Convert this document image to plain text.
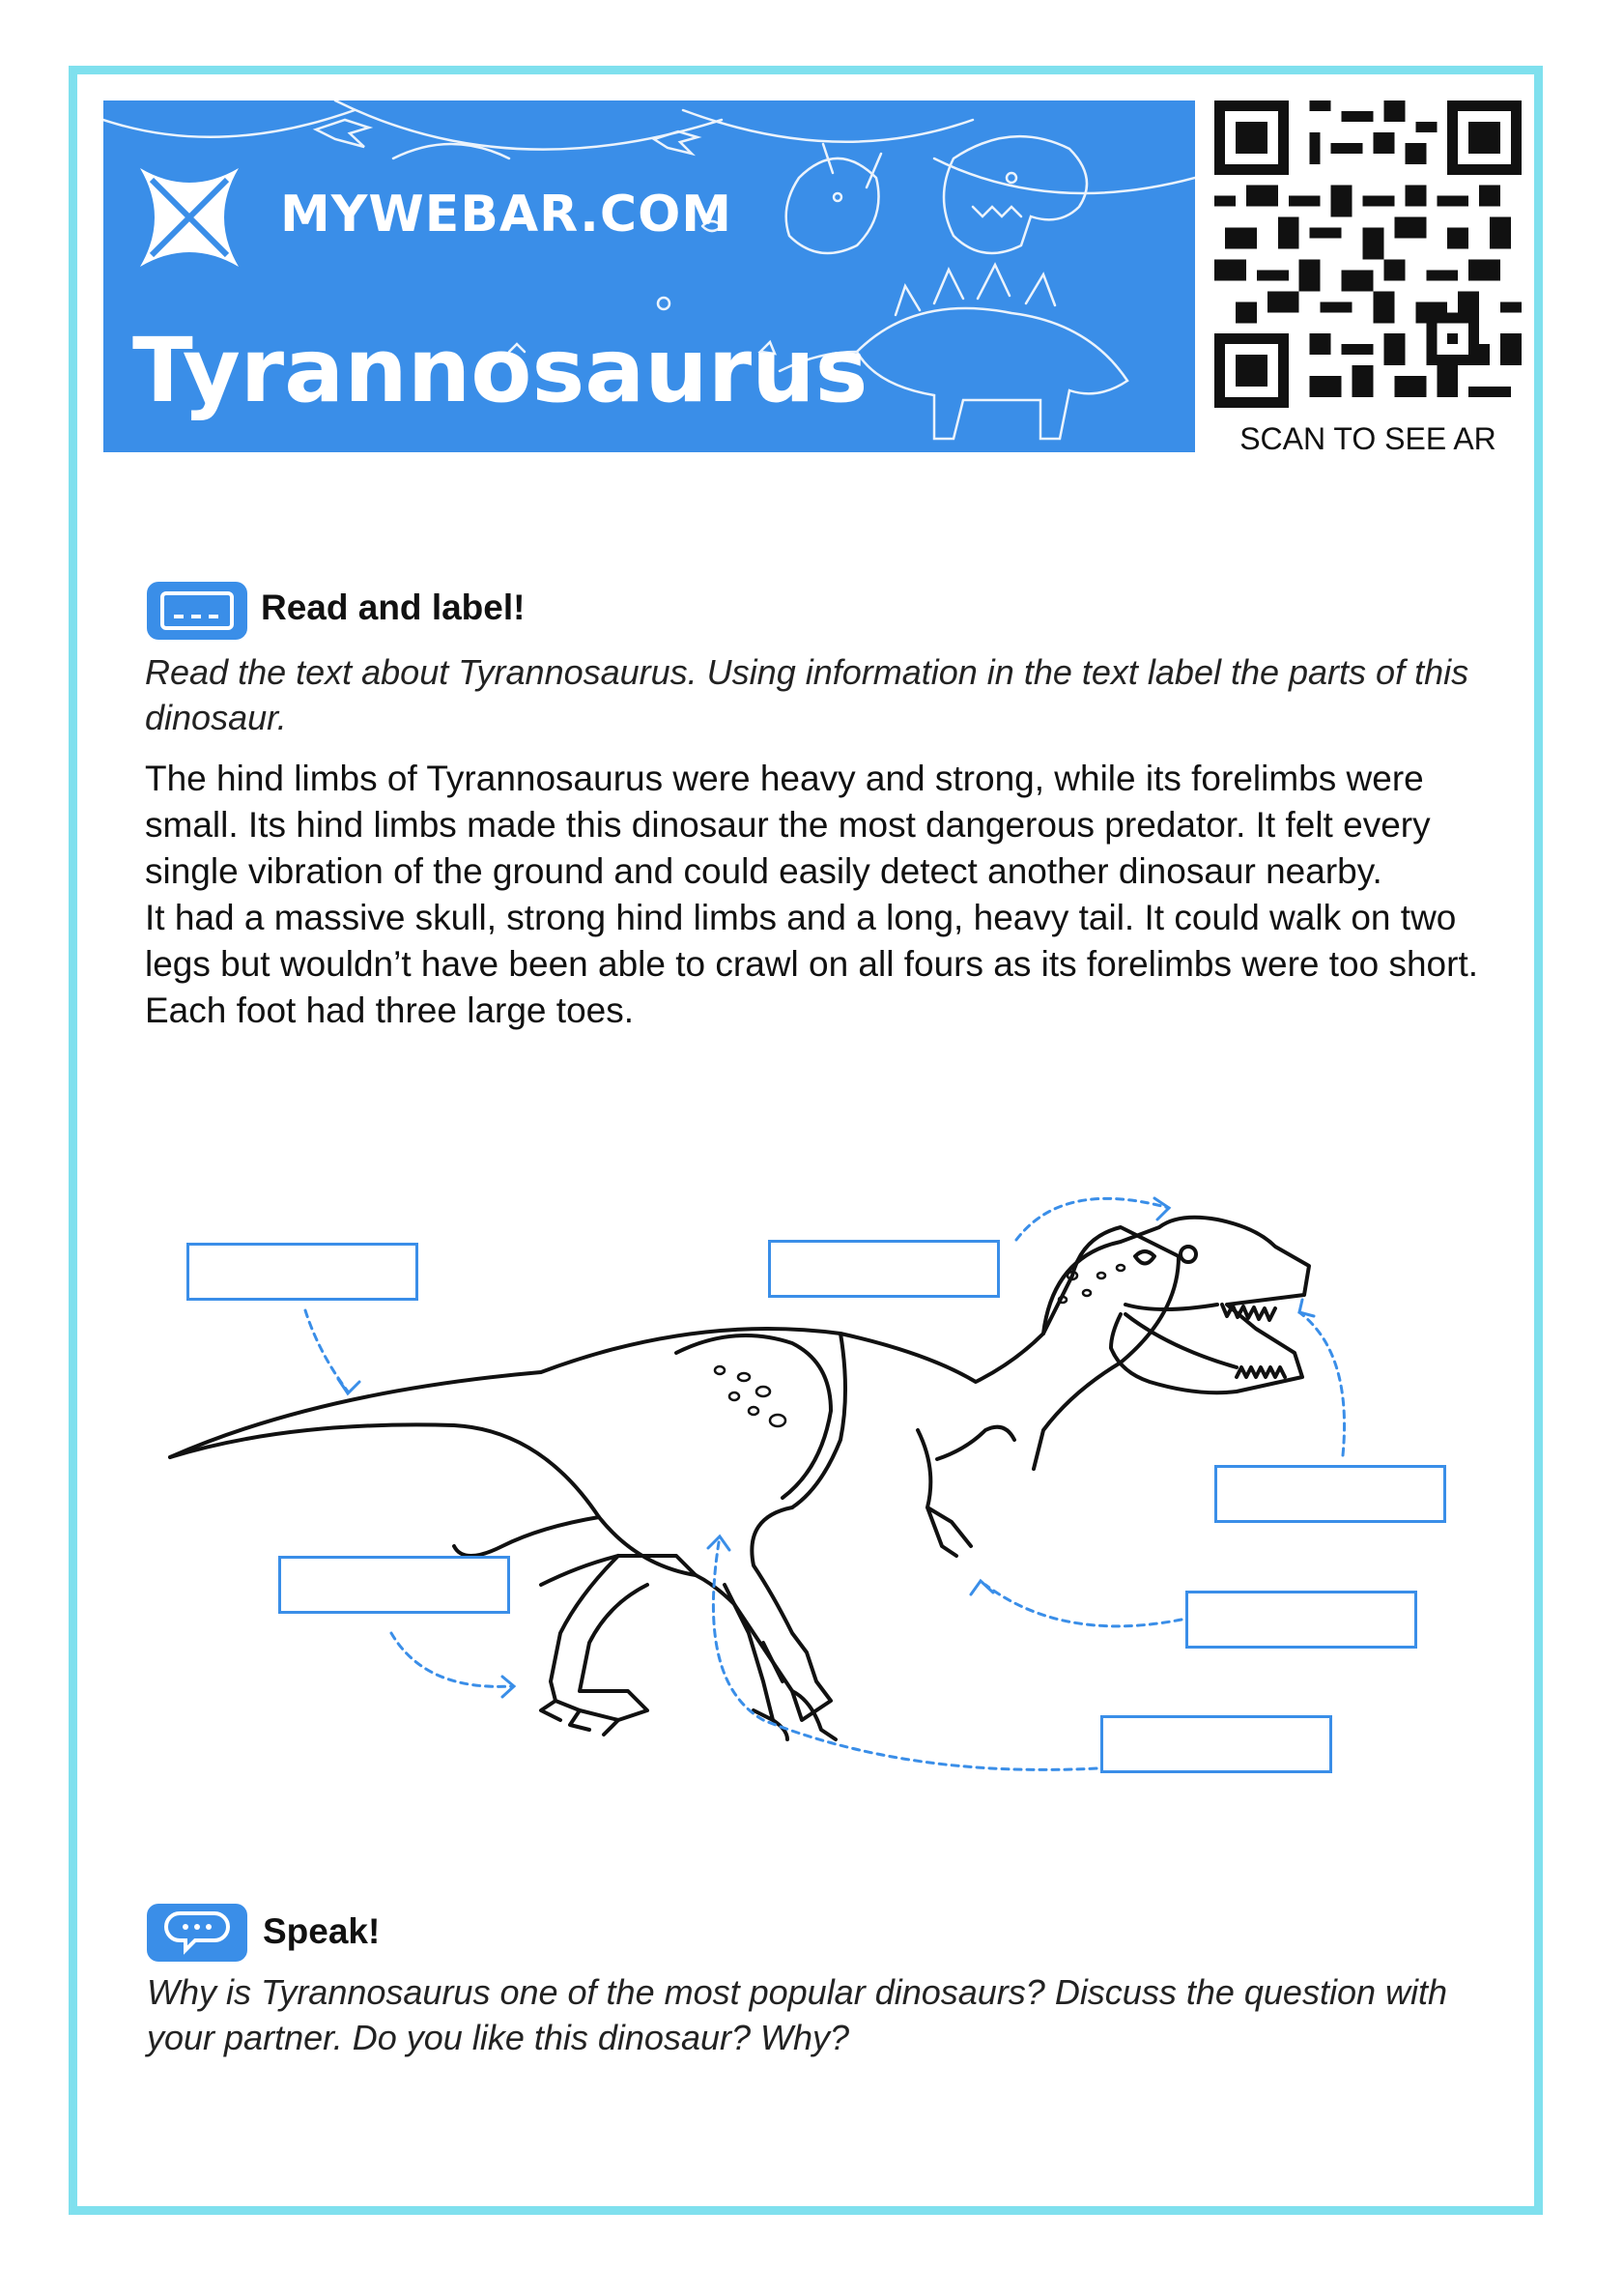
MYWEBAR.COM
Tyrannosaurus
SCAN TO SEE AR
Read and label!
Read the text about Tyrannosaurus. Using information in the text label the parts of this dinosaur.

The hind limbs of Tyrannosaurus were heavy and strong, while its forelimbs were small. Its hind limbs made this dinosaur the most dangerous predator. It felt every single vibration of the ground and could easily detect another dinosaur nearby.

It had a massive skull, strong hind limbs and a long, heavy tail. It could walk on two legs but wouldn’t have been able to crawl on all fours as its forelimbs were too short. Each foot had three large toes.

Speak!
Why is Tyrannosaurus one of the most popular dinosaurs? Discuss the question with your partner. Do you like this dinosaur? Why?
